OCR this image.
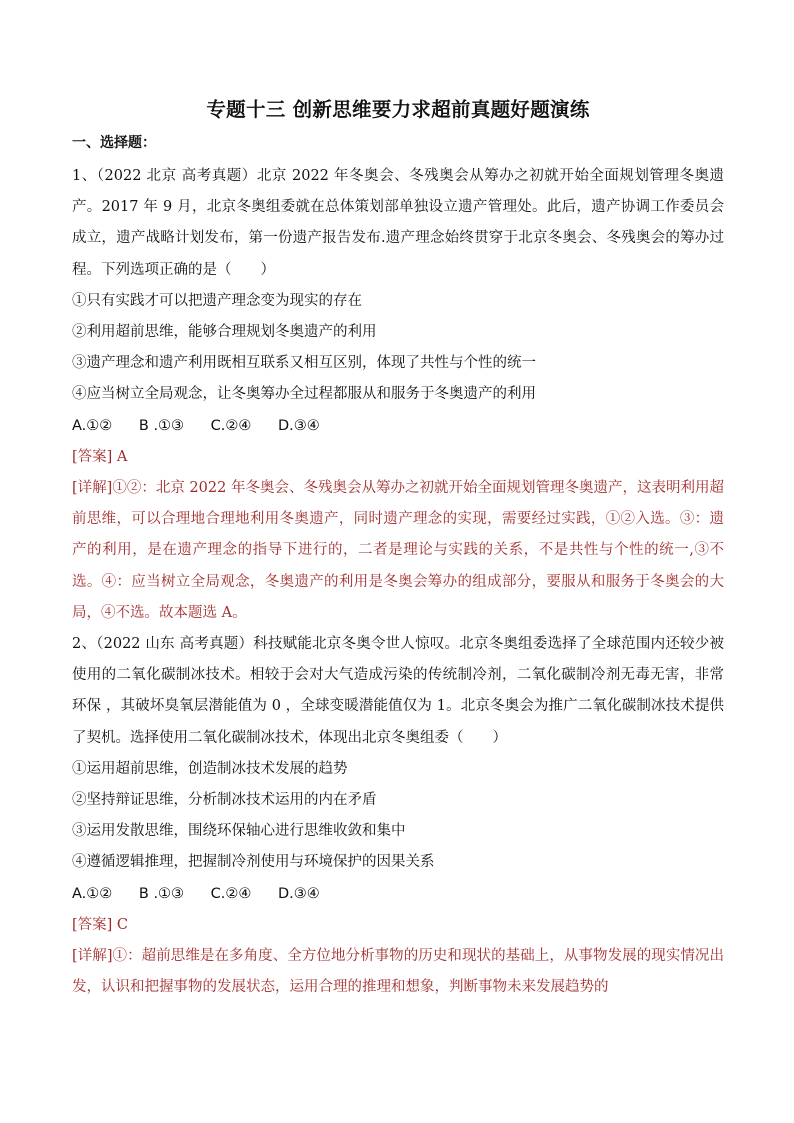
专题十三 创新思维要力求超前真题好题演练
一、选择题：

1、（2022 北京 高考真题）北京 2022 年冬奥会、冬残奥会从筹办之初就开始全面规划管理冬奥遗产。2017 年 9 月，北京冬奥组委就在总体策划部单独设立遗产管理处。此后，遗产协调工作委员会成立，遗产战略计划发布，第一份遗产报告发布.遗产理念始终贯穿于北京冬奥会、冬残奥会的筹办过程。下列选项正确的是（　　）

①只有实践才可以把遗产理念变为现实的存在
②利用超前思维，能够合理规划冬奥遗产的利用
③遗产理念和遗产利用既相互联系又相互区别，体现了共性与个性的统一
④应当树立全局观念，让冬奥筹办全过程都服从和服务于冬奥遗产的利用
A.①② B .①③ C.②④ D.③④
[答案] A

[详解]①②：北京 2022 年冬奥会、冬残奥会从筹办之初就开始全面规划管理冬奥遗产，这表明利用超前思维，可以合理地合理地利用冬奥遗产，同时遗产理念的实现，需要经过实践，①②入选。③：遗产的利用，是在遗产理念的指导下进行的，二者是理论与实践的关系，不是共性与个性的统一,③不选。④：应当树立全局观念，冬奥遗产的利用是冬奥会筹办的组成部分，要服从和服务于冬奥会的大局，④不选。故本题选 A。

2、（2022 山东 高考真题）科技赋能北京冬奥令世人惊叹。北京冬奥组委选择了全球范围内还较少被使用的二氧化碳制冰技术。相较于会对大气造成污染的传统制冷剂，二氧化碳制冷剂无毒无害，非常环保 ，其破坏臭氧层潜能值为 0 ，全球变暖潜能值仅为 1。北京冬奥会为推广二氧化碳制冰技术提供了契机。选择使用二氧化碳制冰技术，体现出北京冬奥组委（　　）

①运用超前思维，创造制冰技术发展的趋势
②坚持辩证思维，分析制冰技术运用的内在矛盾
③运用发散思维，围绕环保轴心进行思维收敛和集中
④遵循逻辑推理，把握制冷剂使用与环境保护的因果关系
A.①② B .①③ C.②④ D.③④
[答案] C

[详解]①：超前思维是在多角度、全方位地分析事物的历史和现状的基础上，从事物发展的现实情况出发，认识和把握事物的发展状态，运用合理的推理和想象，判断事物未来发展趋势的
